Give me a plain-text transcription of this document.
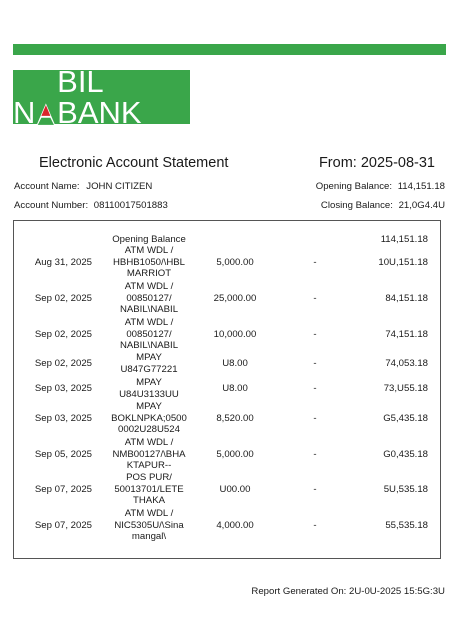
N
BIL BANK
®
Electronic Account Statement	From: 2025-08-31
Account Name: JOHN CITIZEN	Opening Balance: 114,151.18
Account Number: 08110017501883	Closing Balance: 21,0G4.4U
Opening Balance	114,151.18
ATM WDL /
HBHB1050/\HBL
MARRIOT
Aug 31, 2025	5,000.00	-	10U,151.18
ATM WDL /
00850127/
NABIL\NABIL
Sep 02, 2025	25,000.00	-	84,151.18
ATM WDL /
00850127/
NABIL\NABIL
Sep 02, 2025	10,000.00	-	74,151.18
MPAY
U847G77221
Sep 02, 2025	U8.00	-	74,053.18
MPAY
U84U3133UU
Sep 03, 2025	U8.00	-	73,U55.18
MPAY
BOKLNPKA;0500
0002U28U524
Sep 03, 2025	8,520.00	-	G5,435.18
ATM WDL /
NMB00127/\BHA
KTAPUR--
Sep 05, 2025	5,000.00	-	G0,435.18
POS PUR/
50013701/LETE
THAKA
Sep 07, 2025	U00.00	-	5U,535.18
ATM WDL /
NIC5305U/\Sina
mangal\
Sep 07, 2025	4,000.00	-	55,535.18
Report Generated On: 2U-0U-2025 15:5G:3U
